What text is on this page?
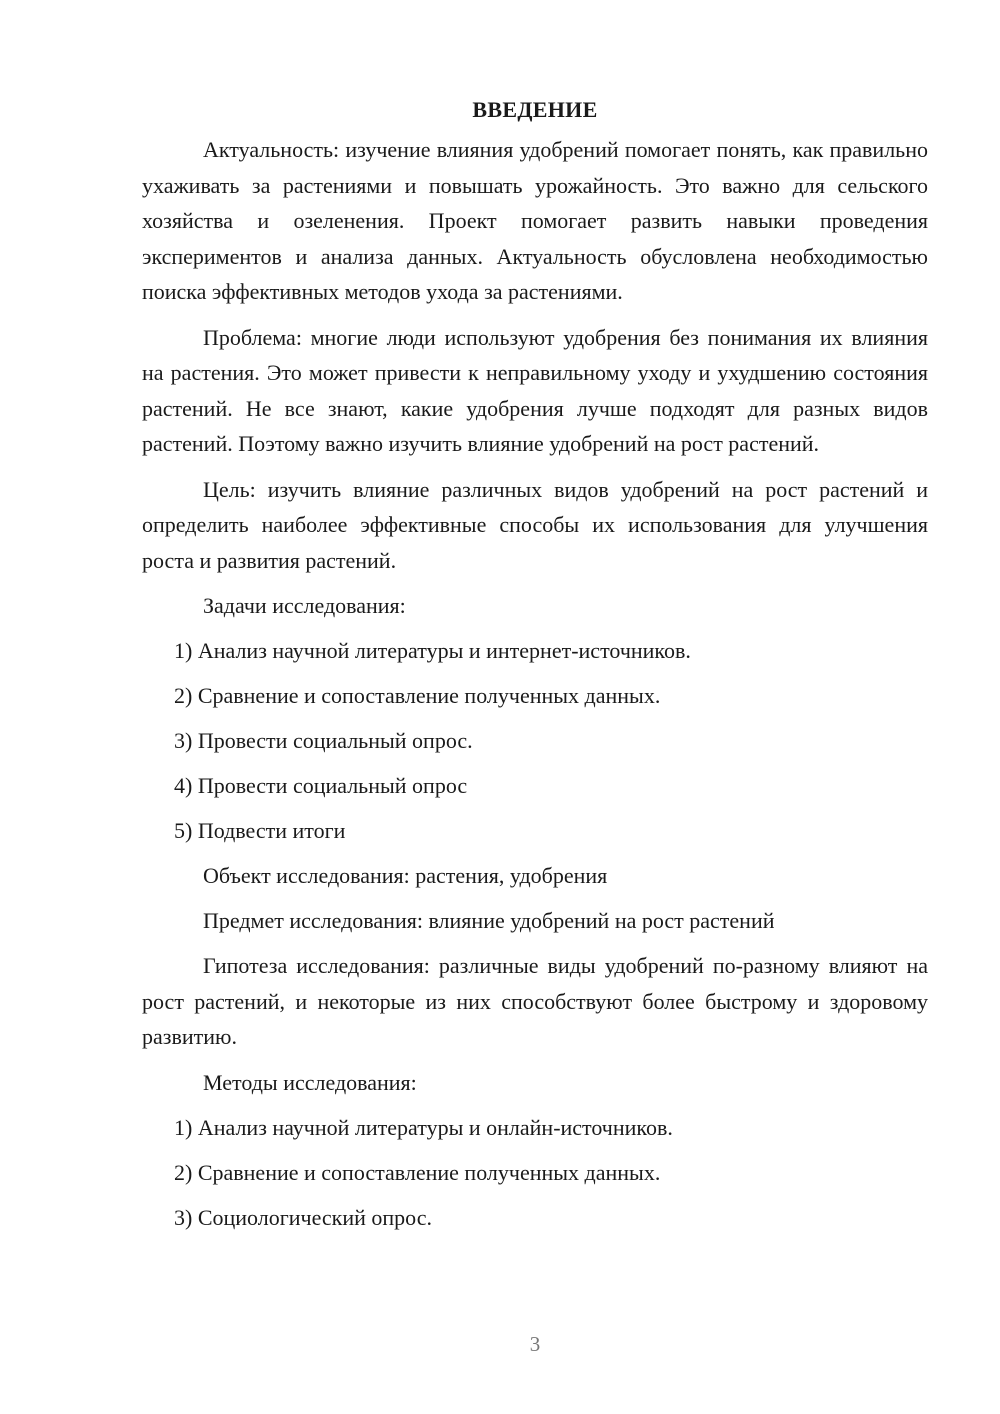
ВВЕДЕНИЕ

Актуальность: изучение влияния удобрений помогает понять, как правильно ухаживать за растениями и повышать урожайность. Это важно для сельского хозяйства и озеленения. Проект помогает развить навыки проведения экспериментов и анализа данных. Актуальность обусловлена необходимостью поиска эффективных методов ухода за растениями.

Проблема: многие люди используют удобрения без понимания их влияния на растения. Это может привести к неправильному уходу и ухудшению состояния растений. Не все знают, какие удобрения лучше подходят для разных видов растений. Поэтому важно изучить влияние удобрений на рост растений.

Цель: изучить влияние различных видов удобрений на рост растений и определить наиболее эффективные способы их использования для улучшения роста и развития растений.

Задачи исследования:

1) Анализ научной литературы и интернет-источников.

2) Сравнение и сопоставление полученных данных.

3) Провести социальный опрос.

4) Провести социальный опрос

5) Подвести итоги

Объект исследования: растения, удобрения

Предмет исследования: влияние удобрений на рост растений

Гипотеза исследования: различные виды удобрений по-разному влияют на рост растений, и некоторые из них способствуют более быстрому и здоровому развитию.

Методы исследования:

1) Анализ научной литературы и онлайн-источников.

2) Сравнение и сопоставление полученных данных.

3) Социологический опрос.

3
